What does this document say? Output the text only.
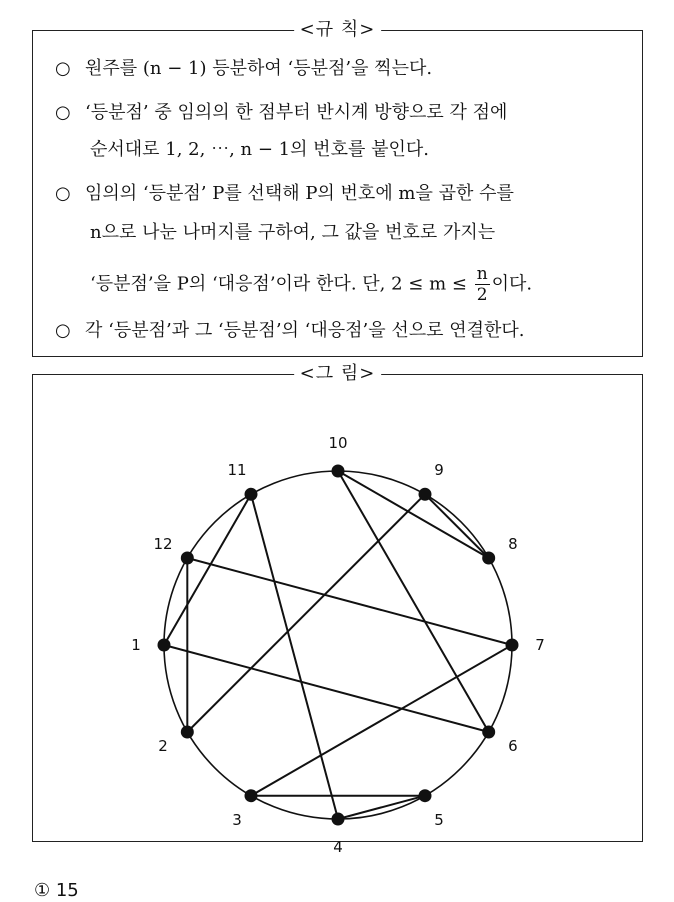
<규 칙>
○ 원주를 (n − 1) 등분하여 ‘등분점’을 찍는다.
○ ‘등분점’ 중 임의의 한 점부터 반시계 방향으로 각 점에
순서대로 1, 2, ⋯, n − 1의 번호를 붙인다.
○ 임의의 ‘등분점’ P를 선택해 P의 번호에 m을 곱한 수를
n으로 나눈 나머지를 구하여, 그 값을 번호로 가지는
‘등분점’을 P의 ‘대응점’이라 한다. 단, $2 \le m \le \frac{n}{2}$ 이다.
○ 각 ‘등분점’과 그 ‘등분점’의 ‘대응점’을 선으로 연결한다.
<그 림>
1
2
3
4
5
6
7
8
9
10
11
12
① 15
